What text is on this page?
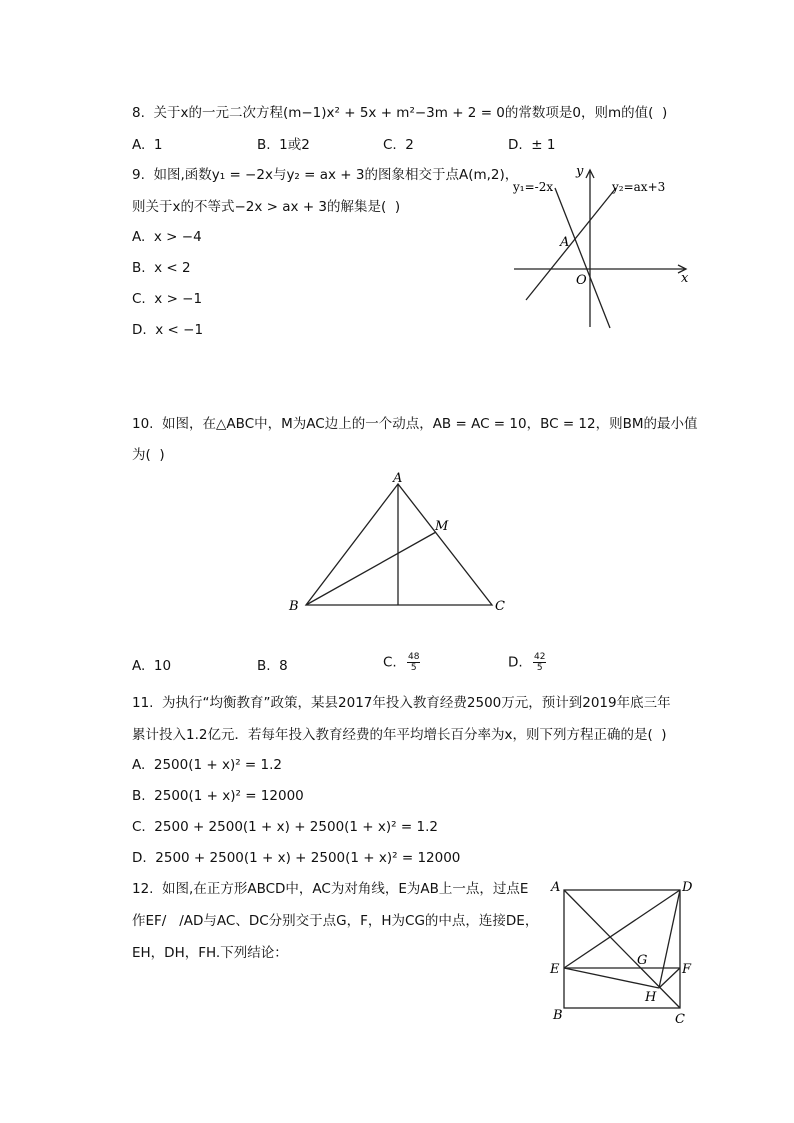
8.  关于x的一元二次方程(m−1)x² + 5x + m²−3m + 2 = 0的常数项是0，则m的值(  )
A.  1	B.  1或2	C.  2	D.  ± 1
9.  如图,函数y₁ = −2x与y₂ = ax + 3的图象相交于点A(m,2)，
则关于x的不等式−2x > ax + 3的解集是(  )
A.  x > −4
B.  x < 2
C.  x > −1
D.  x < −1
y₁=-2x	y₂=ax+3
x
y
A
O
10.  如图，在△ABC中，M为AC边上的一个动点，AB = AC = 10，BC = 12，则BM的最小值
为(  )
A
B	C
M
A.  10	B.  8	C. $\frac{48}{5}$	D. $\frac{42}{5}$
11.  为执行“均衡教育”政策，某县2017年投入教育经费2500万元，预计到2019年底三年
累计投入1.2亿元．若每年投入教育经费的年平均增长百分率为x，则下列方程正确的是(  )
A.  2500(1 + x)² = 1.2
B.  2500(1 + x)² = 12000
C.  2500 + 2500(1 + x) + 2500(1 + x)² = 1.2
D.  2500 + 2500(1 + x) + 2500(1 + x)² = 12000
12.  如图,在正方形ABCD中，AC为对角线，E为AB上一点，过点E
作EF/   /AD与AC、DC分别交于点G，F，H为CG的中点，连接DE，
EH，DH，FH.下列结论：
A	D
E	F
G
H
B	C
